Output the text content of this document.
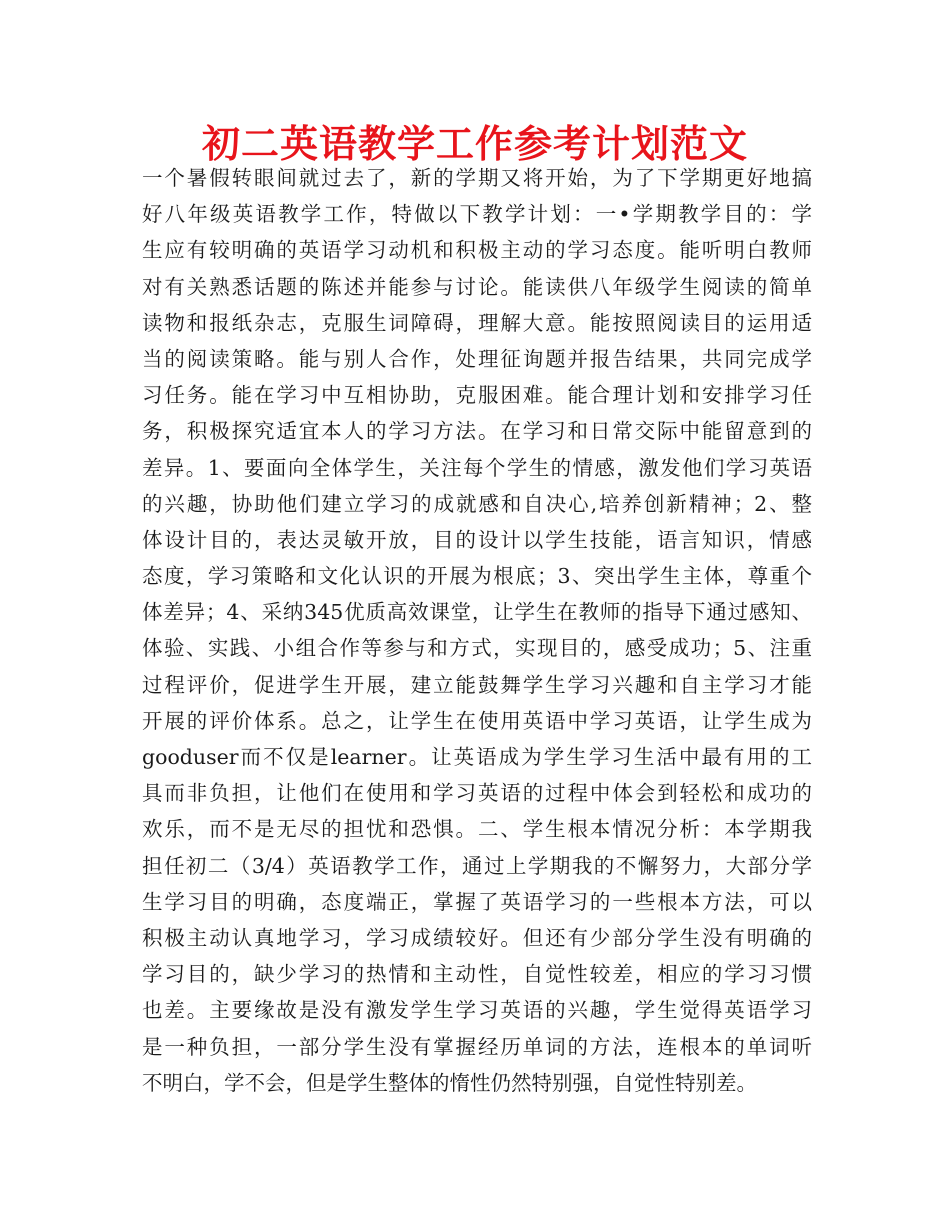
初二英语教学工作参考计划范文
一个暑假转眼间就过去了，新的学期又将开始，为了下学期更好地搞
好八年级英语教学工作，特做以下教学计划：一•学期教学目的：学
生应有较明确的英语学习动机和积极主动的学习态度。能听明白教师
对有关熟悉话题的陈述并能参与讨论。能读供八年级学生阅读的简单
读物和报纸杂志，克服生词障碍，理解大意。能按照阅读目的运用适
当的阅读策略。能与别人合作，处理征询题并报告结果，共同完成学
习任务。能在学习中互相协助，克服困难。能合理计划和安排学习任
务，积极探究适宜本人的学习方法。在学习和日常交际中能留意到的
差异。1、要面向全体学生，关注每个学生的情感，激发他们学习英语
的兴趣，协助他们建立学习的成就感和自决心,培养创新精神；2、整
体设计目的，表达灵敏开放，目的设计以学生技能，语言知识，情感
态度，学习策略和文化认识的开展为根底；3、突出学生主体，尊重个
体差异；4、采纳345优质高效课堂，让学生在教师的指导下通过感知、
体验、实践、小组合作等参与和方式，实现目的，感受成功；5、注重
过程评价，促进学生开展，建立能鼓舞学生学习兴趣和自主学习才能
开展的评价体系。总之，让学生在使用英语中学习英语，让学生成为
gooduser而不仅是learner。让英语成为学生学习生活中最有用的工
具而非负担，让他们在使用和学习英语的过程中体会到轻松和成功的
欢乐，而不是无尽的担忧和恐惧。二、学生根本情况分析：本学期我
担任初二（3/4）英语教学工作，通过上学期我的不懈努力，大部分学
生学习目的明确，态度端正，掌握了英语学习的一些根本方法，可以
积极主动认真地学习，学习成绩较好。但还有少部分学生没有明确的
学习目的，缺少学习的热情和主动性，自觉性较差，相应的学习习惯
也差。主要缘故是没有激发学生学习英语的兴趣，学生觉得英语学习
是一种负担，一部分学生没有掌握经历单词的方法，连根本的单词听
不明白，学不会，但是学生整体的惰性仍然特别强，自觉性特别差。
